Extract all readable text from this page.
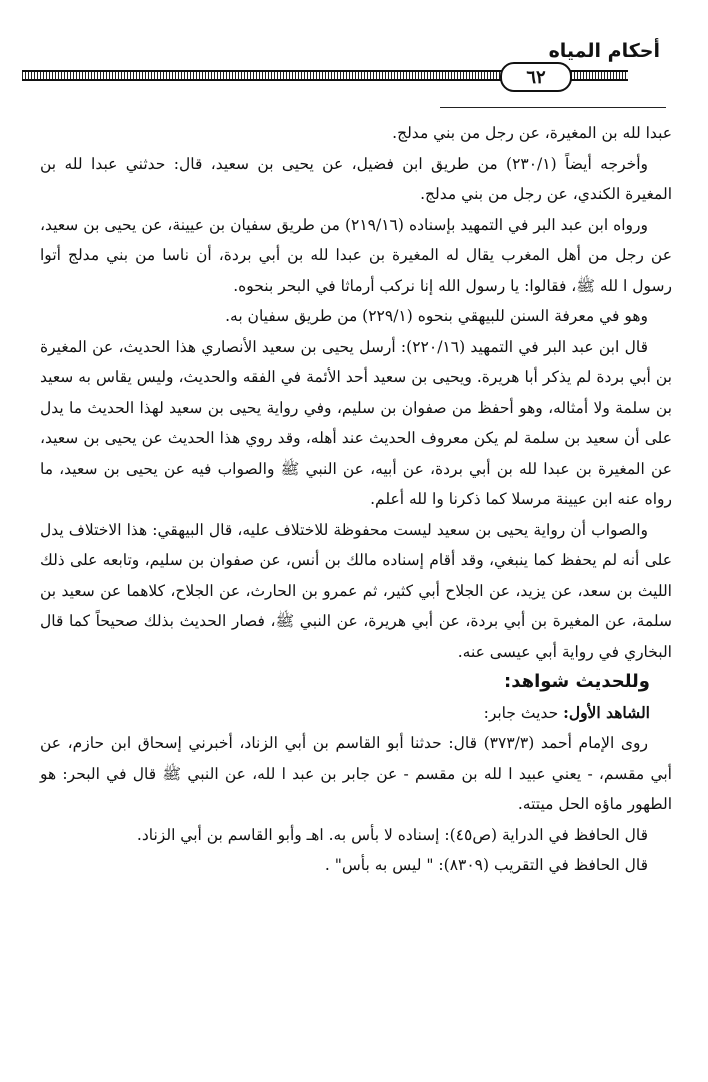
أحكام المياه
٦٢

عبدا لله بن المغيرة، عن رجل من بني مدلج.

وأخرجه أيضاً (٢٣٠/١) من طريق ابن فضيل، عن يحيى بن سعيد، قال: حدثني عبدا لله بن المغيرة الكندي، عن رجل من بني مدلج.

ورواه ابن عبد البر في التمهيد بإسناده (٢١٩/١٦) من طريق سفيان بن عيينة، عن يحيى بن سعيد، عن رجل من أهل المغرب يقال له المغيرة بن عبدا لله بن أبي بردة، أن ناسا من بني مدلج أتوا رسول ا لله ﷺ، فقالوا: يا رسول الله إنا نركب أرماثا في البحر بنحوه.

وهو في معرفة السنن للبيهقي بنحوه (٢٢٩/١) من طريق سفيان به.

قال ابن عبد البر في التمهيد (٢٢٠/١٦): أرسل يحيى بن سعيد الأنصاري هذا الحديث، عن المغيرة بن أبي بردة لم يذكر أبا هريرة. ويحيى بن سعيد أحد الأئمة في الفقه والحديث، وليس يقاس به سعيد بن سلمة ولا أمثاله، وهو أحفظ من صفوان بن سليم، وفي رواية يحيى بن سعيد لهذا الحديث ما يدل على أن سعيد بن سلمة لم يكن معروف الحديث عند أهله، وقد روي هذا الحديث عن يحيى بن سعيد، عن المغيرة بن عبدا لله بن أبي بردة، عن أبيه، عن النبي ﷺ والصواب فيه عن يحيى بن سعيد، ما رواه عنه ابن عيينة مرسلا كما ذكرنا وا لله أعلم.

والصواب أن رواية يحيى بن سعيد ليست محفوظة للاختلاف عليه، قال البيهقي: هذا الاختلاف يدل على أنه لم يحفظ كما ينبغي، وقد أقام إسناده مالك بن أنس، عن صفوان بن سليم، وتابعه على ذلك الليث بن سعد، عن يزيد، عن الجلاح أبي كثير، ثم عمرو بن الحارث، عن الجلاح، كلاهما عن سعيد بن سلمة، عن المغيرة بن أبي بردة، عن أبي هريرة، عن النبي ﷺ، فصار الحديث بذلك صحيحاً كما قال البخاري في رواية أبي عيسى عنه.

وللحديث شواهد:

الشاهد الأول: حديث جابر:

روى الإمام أحمد (٣٧٣/٣) قال: حدثنا أبو القاسم بن أبي الزناد، أخبرني إسحاق ابن حازم، عن أبي مقسم، - يعني عبيد ا لله بن مقسم - عن جابر بن عبد ا لله، عن النبي ﷺ قال في البحر: هو الطهور ماؤه الحل ميتته.

قال الحافظ في الدراية (ص٤٥): إسناده لا بأس به. اهـ وأبو القاسم بن أبي الزناد.

قال الحافظ في التقريب (٨٣٠٩): " ليس به بأس" .
